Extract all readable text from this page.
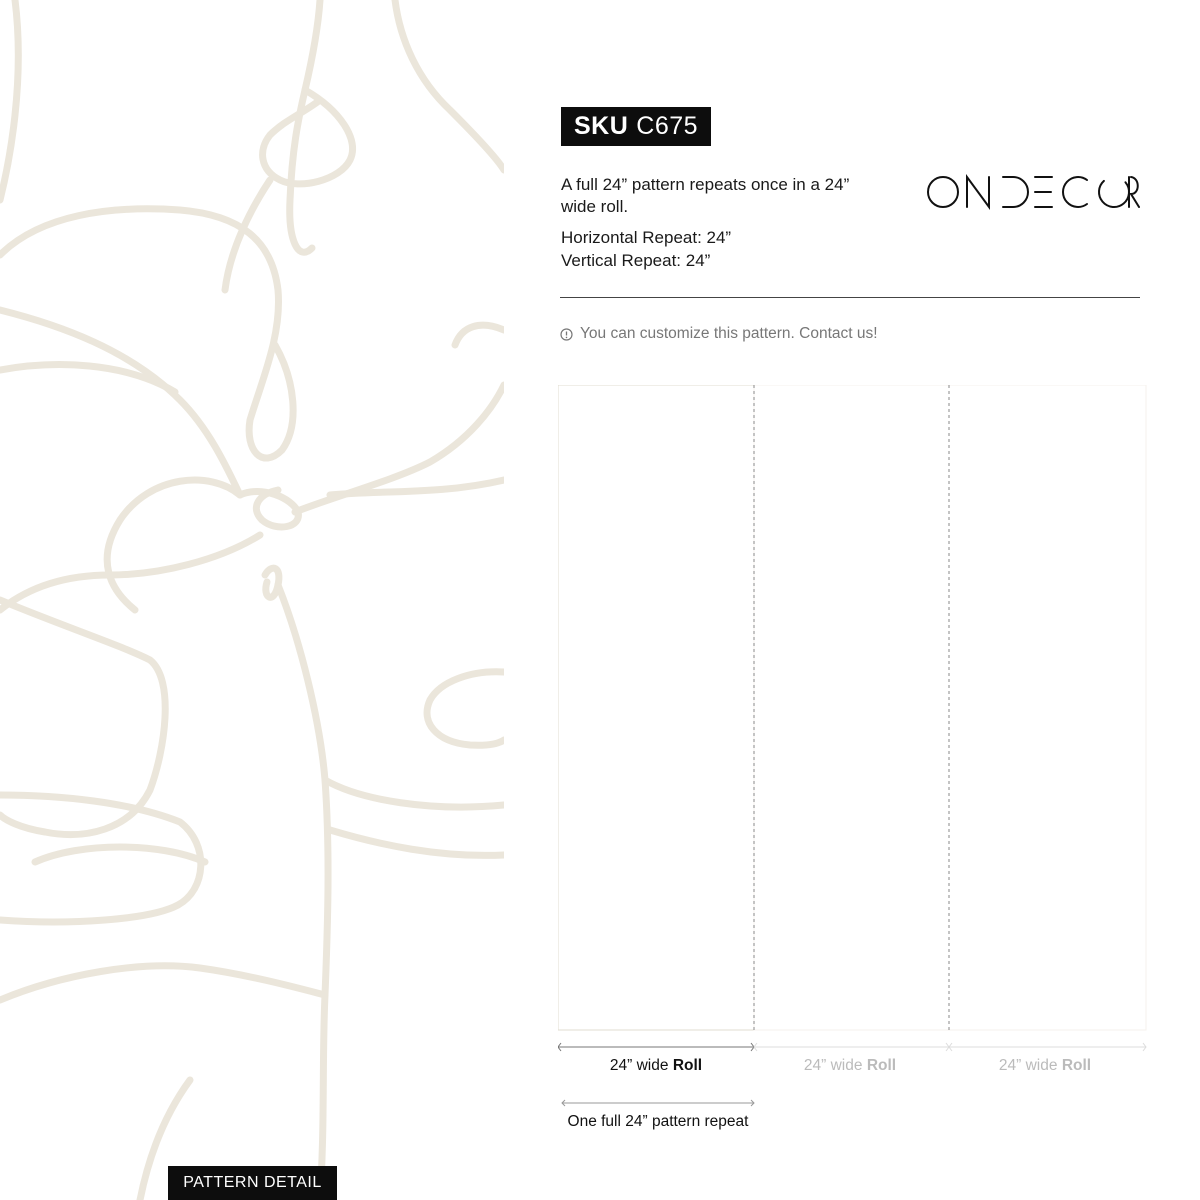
PATTERN DETAIL
SKU C675
A full 24” pattern repeats once in a 24” wide roll.
Horizontal Repeat: 24”
Vertical Repeat: 24”
You can customize this pattern. Contact us!
24” wide Roll	24” wide Roll	24” wide Roll
One full 24” pattern repeat
